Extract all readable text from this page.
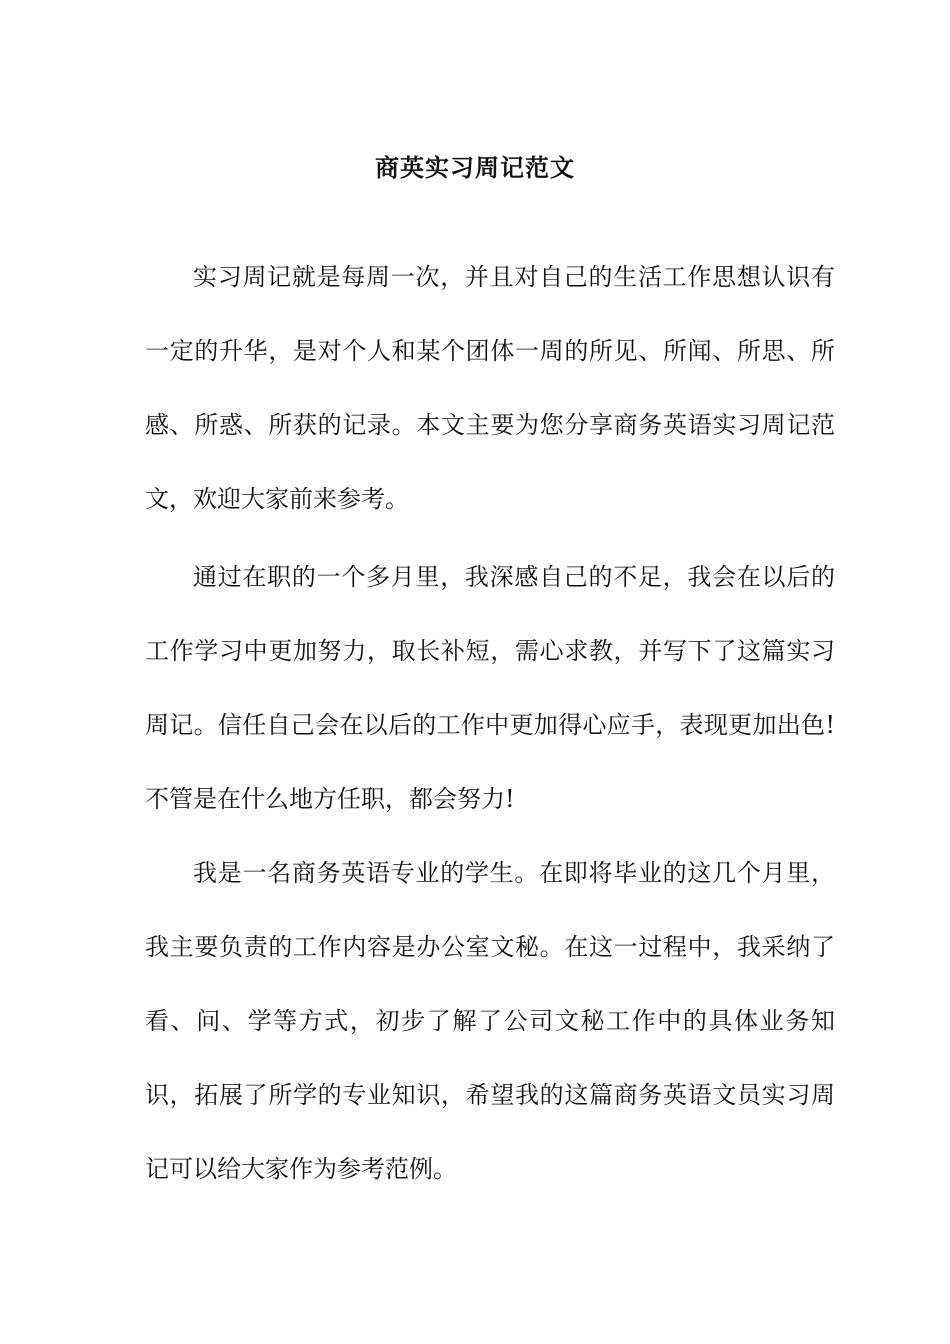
商英实习周记范文

实习周记就是每周一次，并且对自己的生活工作思想认识有一定的升华，是对个人和某个团体一周的所见、所闻、所思、所感、所惑、所获的记录。本文主要为您分享商务英语实习周记范文，欢迎大家前来参考。

通过在职的一个多月里，我深感自己的不足，我会在以后的工作学习中更加努力，取长补短，需心求教，并写下了这篇实习周记。信任自己会在以后的工作中更加得心应手，表现更加出色!不管是在什么地方任职，都会努力!

我是一名商务英语专业的学生。在即将毕业的这几个月里，我主要负责的工作内容是办公室文秘。在这一过程中，我采纳了看、问、学等方式，初步了解了公司文秘工作中的具体业务知识，拓展了所学的专业知识，希望我的这篇商务英语文员实习周记可以给大家作为参考范例。
